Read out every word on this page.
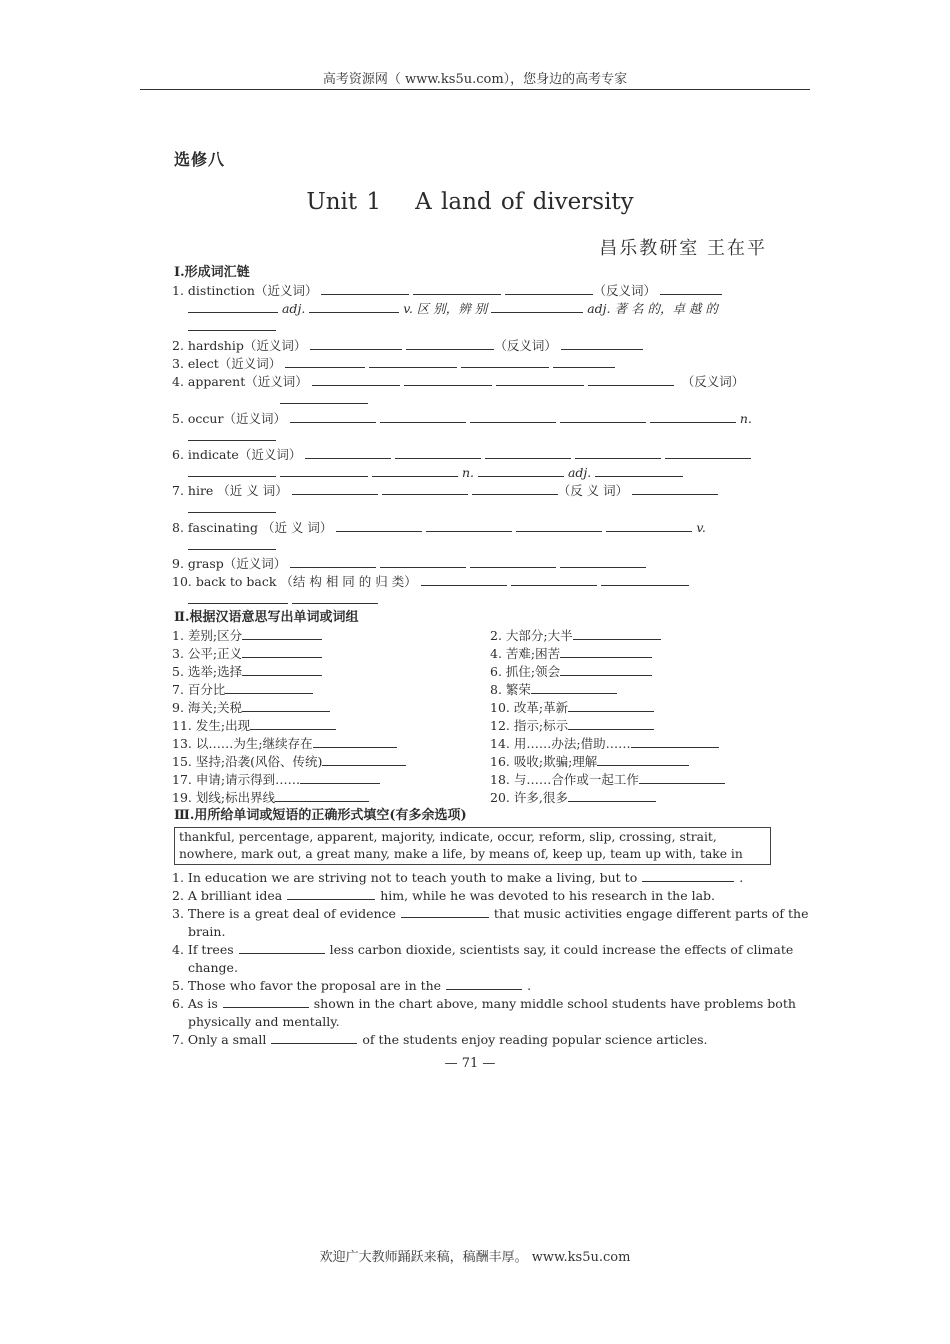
高考资源网（ www.ks5u.com），您身边的高考专家
选修八
Unit 1 A land of diversity
昌乐教研室 王在平
Ⅰ.形成词汇链
1. distinction（近义词）	（反义词）
adj.	v. 区 别，辨 别	adj. 著 名 的，卓 越 的
2. hardship（近义词）	（反义词）
3. elect（近义词）
4. apparent（近义词）	（反义词）
5. occur（近义词）	n.
6. indicate（近义词）
n.	adj.
7. hire （近 义 词）	（反 义 词）
8. fascinating （近 义 词）	v.
9. grasp（近义词）
10. back to back （结 构 相 同 的 归 类）

Ⅱ.根据汉语意思写出单词或词组
1. 差别;区分	2. 大部分;大半
3. 公平;正义	4. 苦难;困苦
5. 选举;选择	6. 抓住;领会
7. 百分比	8. 繁荣
9. 海关;关税	10. 改革;革新
11. 发生;出现	12. 指示;标示
13. 以……为生;继续存在	14. 用……办法;借助……
15. 坚持;沿袭(风俗、传统)	16. 吸收;欺骗;理解
17. 申请;请示得到……	18. 与……合作或一起工作
19. 划线;标出界线	20. 许多,很多
Ⅲ.用所给单词或短语的正确形式填空(有多余选项)
thankful, percentage, apparent, majority, indicate, occur, reform, slip, crossing, strait,
nowhere, mark out, a great many, make a life, by means of, keep up, team up with, take in
1. In education we are striving not to teach youth to make a living, but to	.
2. A brilliant idea	him, while he was devoted to his research in the lab.
3. There is a great deal of evidence	that music activities engage different parts of the
brain.
4. If trees	less carbon dioxide, scientists say, it could increase the effects of climate
change.
5. Those who favor the proposal are in the	.
6. As is	shown in the chart above, many middle school students have problems both
physically and mentally.
7. Only a small	of the students enjoy reading popular science articles.
— 71 —
欢迎广大教师踊跃来稿，稿酬丰厚。 www.ks5u.com
